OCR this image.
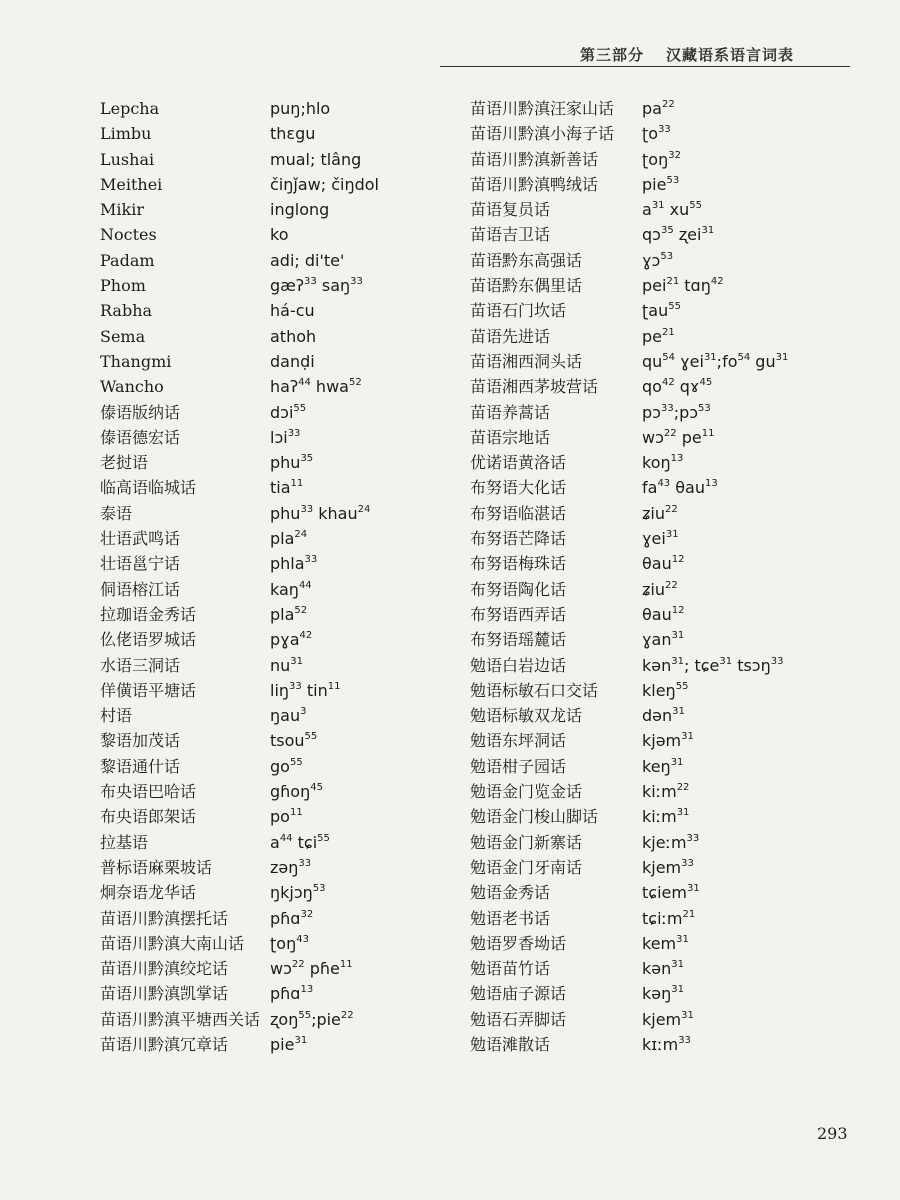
第三部分 汉藏语系语言词表
Lepcha	puŋ;hlo
Limbu	thɛgu
Lushai	mual; tlâng
Meithei	čiŋǰaw; čiŋdol
Mikir	inglong
Noctes	ko
Padam	adi; di'te'
Phom	gæʔ$^{33}$ saŋ$^{33}$
Rabha	há-cu
Sema	athoh
Thangmi	danḍi
Wancho	haʔ$^{44}$ hwa$^{52}$
傣语版纳话	dɔi$^{55}$
傣语德宏话	lɔi$^{33}$
老挝语	phu$^{35}$
临高语临城话	tia$^{11}$
泰语	phu$^{33}$ khau$^{24}$
壮语武鸣话	pla$^{24}$
壮语邕宁话	phla$^{33}$
侗语榕江话	kaŋ$^{44}$
拉珈语金秀话	pla$^{52}$
仫佬语罗城话	pɣa$^{42}$
水语三洞话	$nu^{31}$
佯僙语平塘话	liŋ$^{33}$ tin$^{11}$
村语	ŋau$^3$
黎语加茂话	tsou$^{55}$
黎语通什话	$go^{55}$
布央语巴哈话	gɦoŋ$^{45}$
布央语郎架话	$po^{11}$
拉基语	$a^{44}$ tɕi$^{55}$
普标语麻栗坡话	zəŋ$^{33}$
炯奈语龙华话	ŋkjɔŋ$^{53}$
苗语川黔滇摆托话	pɦɑ$^{32}$
苗语川黔滇大南山话	ʈoŋ$^{43}$
苗语川黔滇绞坨话	wɔ$^{22}$ pɦe$^{11}$
苗语川黔滇凯掌话	pɦɑ$^{13}$
苗语川黔滇平塘西关话 ʐoŋ$^{55}$;pie$^{22}$
苗语川黔滇冗章话	pie$^{31}$
苗语川黔滇汪家山话	$pa^{22}$
苗语川黔滇小海子话	ʈo$^{33}$
苗语川黔滇新善话	ʈoŋ$^{32}$
苗语川黔滇鸭绒话	pie$^{53}$
苗语复员话	$a^{31}$ $xu^{55}$
苗语吉卫话	qɔ$^{35}$ ʐei$^{31}$
苗语黔东高强话	ɣɔ$^{53}$
苗语黔东偶里话	pei$^{21}$ tɑŋ$^{42}$
苗语石门坎话	ʈau$^{55}$
苗语先进话	$pe^{21}$
苗语湘西洞头话	$qu^{54}$ $ɣei^{31};fo^{54}$ $gu^{31}$
苗语湘西茅坡营话	$qo^{42}$ qɤ$^{45}$
苗语养蒿话	pɔ$^{33}$;pɔ$^{53}$
苗语宗地话	wɔ$^{22}$ $pe^{11}$
优诺语黄洛话	koŋ$^{13}$
布努语大化话	$fa^{43}$ θau$^{13}$
布努语临湛话	ʑiu$^{22}$
布努语芒降话	ɣei$^{31}$
布努语梅珠话	θau$^{12}$
布努语陶化话	ʑiu$^{22}$
布努语西弄话	θau$^{12}$
布努语瑶麓话	ɣan$^{31}$
勉语白岩边话	kən$^{31}$; tɕe$^{31}$ tsɔŋ$^{33}$
勉语标敏石口交话	kleŋ$^{55}$
勉语标敏双龙话	dən$^{31}$
勉语东坪洞话	kjəm$^{31}$
勉语柑子园话	keŋ$^{31}$
勉语金门览金话	kiːm$^{22}$
勉语金门梭山脚话	kiːm$^{31}$
勉语金门新寨话	kjeːm$^{33}$
勉语金门牙南话	kjem$^{33}$
勉语金秀话	tɕiem$^{31}$
勉语老书话	tɕiːm$^{21}$
勉语罗香坳话	kem$^{31}$
勉语苗竹话	kən$^{31}$
勉语庙子源话	kəŋ$^{31}$
勉语石弄脚话	kjem$^{31}$
勉语滩散话	kɪːm$^{33}$
293
